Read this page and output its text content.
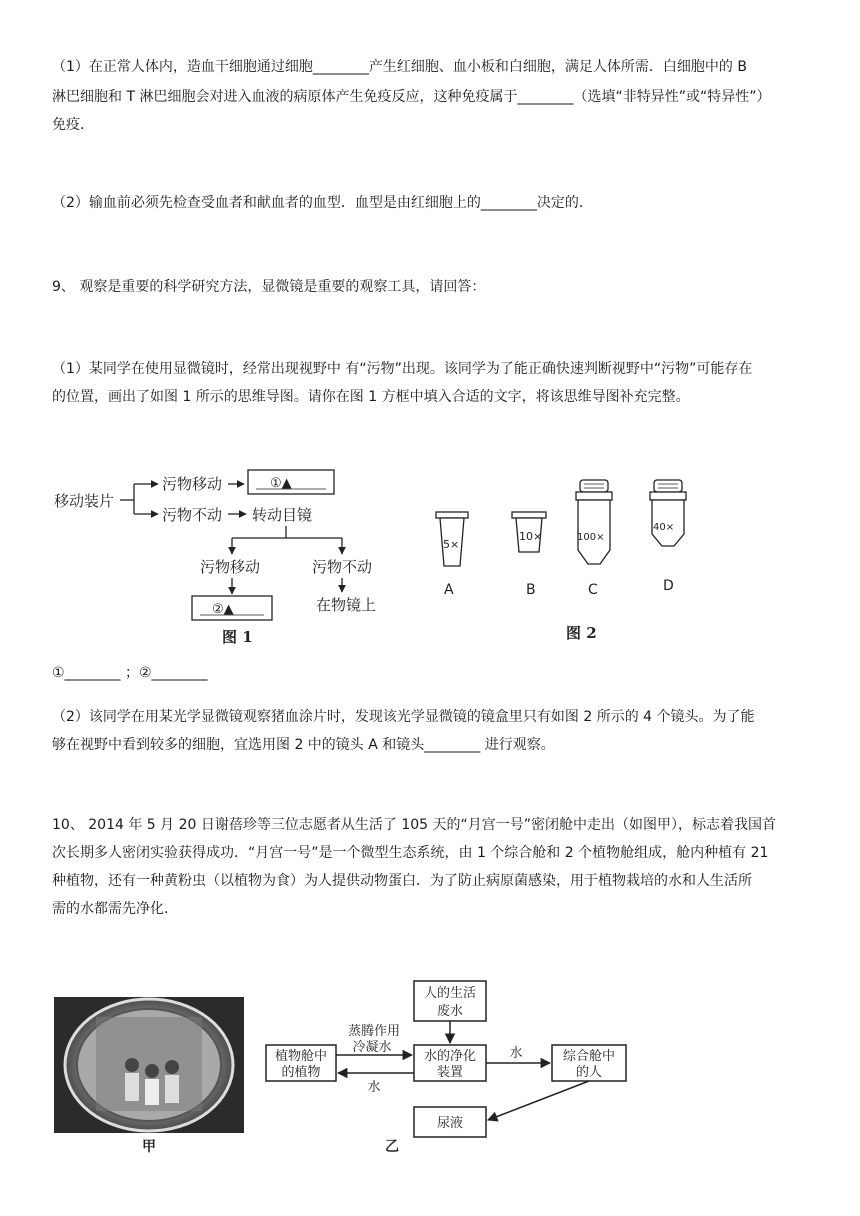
（1）在正常人体内，造血干细胞通过细胞________产生红细胞、血小板和白细胞，满足人体所需．白细胞中的 B

淋巴细胞和 T 淋巴细胞会对进入血液的病原体产生免疫反应，这种免疫属于________（选填“非特异性”或“特异性”）

免疫．

（2）输血前必须先检查受血者和献血者的血型．血型是由红细胞上的________决定的．

9、 观察是重要的科学研究方法，显微镜是重要的观察工具，请回答：

（1）某同学在使用显微镜时，经常出现视野中 有“污物”出现。该同学为了能正确快速判断视野中“污物”可能存在

的位置，画出了如图 1 所示的思维导图。请你在图 1 方框中填入合适的文字，将该思维导图补充完整。

移动装片
污物移动	①▲
污物不动 转动目镜
污物移动
②▲
污物不动
在物镜上
图 1
5×
A
10×
B
100×
C
40×
D
图 2

①________ ；②________

（2）该同学在用某光学显微镜观察猪血涂片时，发现该光学显微镜的镜盒里只有如图 2 所示的 4 个镜头。为了能

够在视野中看到较多的细胞，宜选用图 2 中的镜头 A 和镜头________ 进行观察。

10、 2014 年 5 月 20 日谢蓓珍等三位志愿者从生活了 105 天的“月宫一号”密闭舱中走出（如图甲），标志着我国首

次长期多人密闭实验获得成功．“月宫一号”是一个微型生态系统，由 1 个综合舱和 2 个植物舱组成，舱内种植有 21

种植物，还有一种黄粉虫（以植物为食）为人提供动物蛋白．为了防止病原菌感染，用于植物栽培的水和人生活所

需的水都需先净化．

甲
人的生活
废水
植物舱中
的植物
水的净化
装置
综合舱中
的人
尿液
蒸腾作用
冷凝水
水
水
乙
